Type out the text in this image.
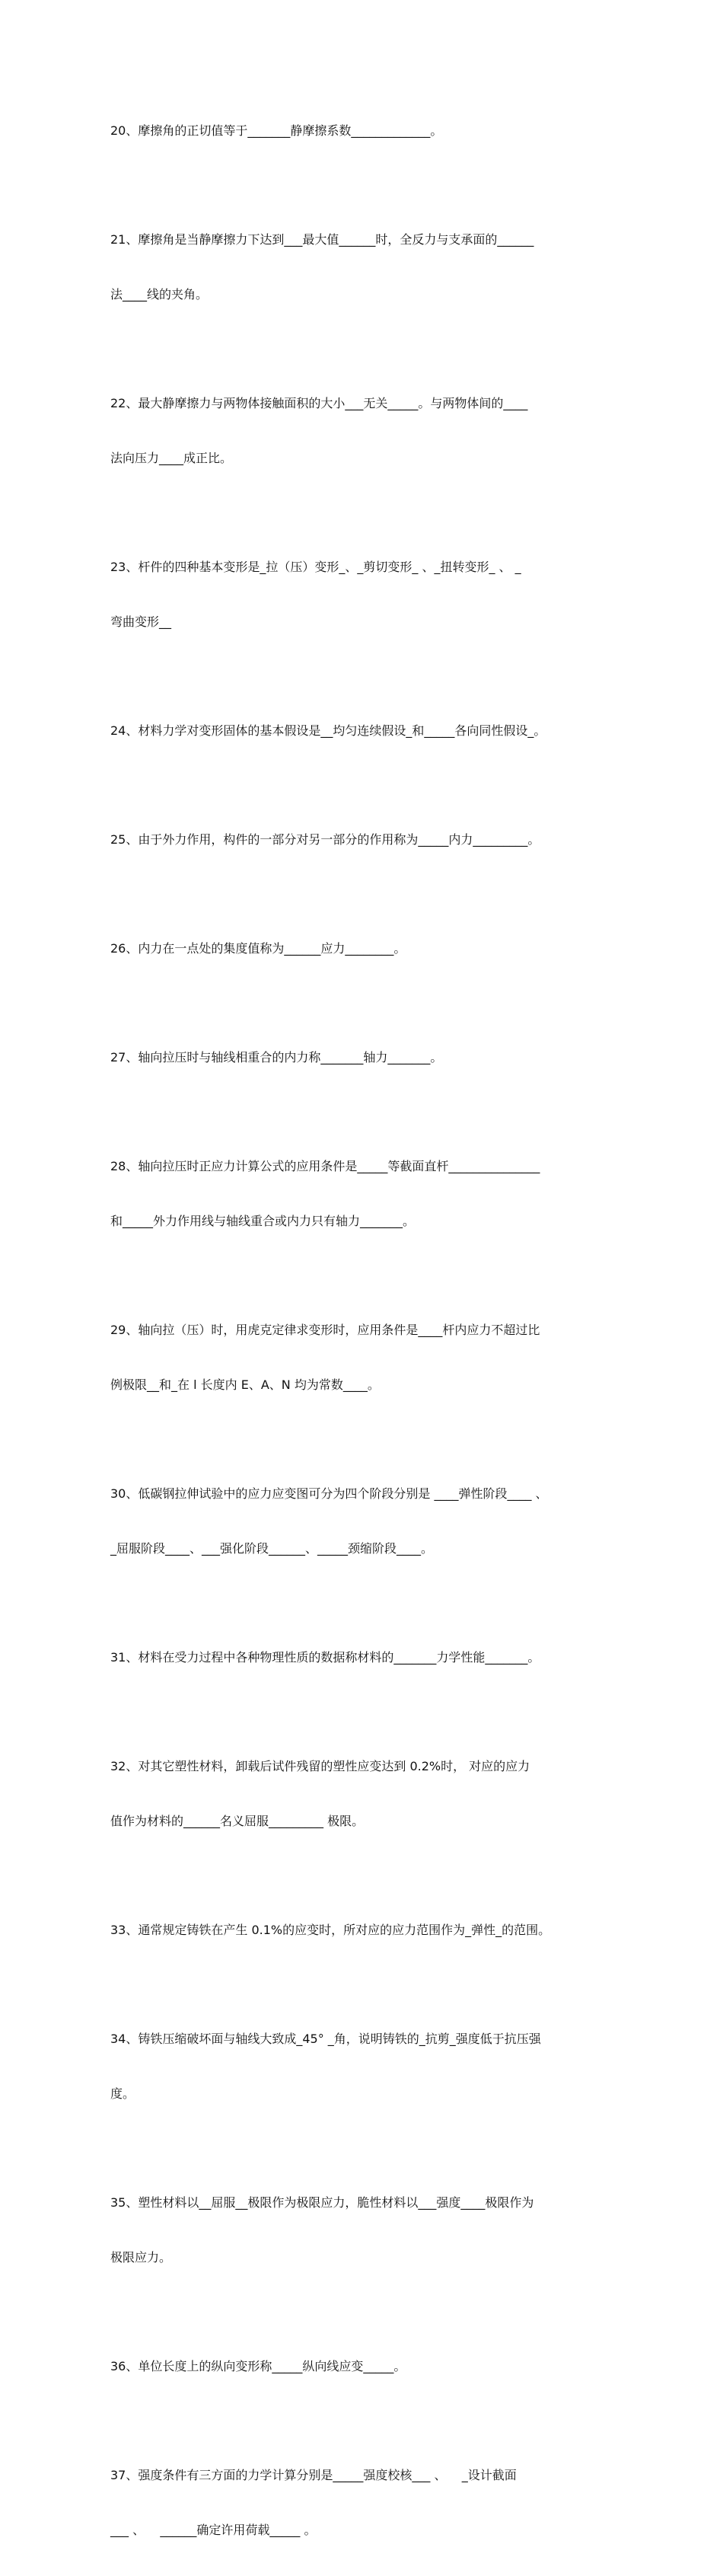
20、摩擦角的正切值等于_______静摩擦系数_____________。

21、摩擦角是当静摩擦力下达到___最大值______时，全反力与支承面的______

法____线的夹角。

22、最大静摩擦力与两物体接触面积的大小___无关_____。与两物体间的____

法向压力____成正比。

23、杆件的四种基本变形是_拉（压）变形_、_剪切变形_ 、_扭转变形_ 、 _

弯曲变形__

24、材料力学对变形固体的基本假设是__均匀连续假设_和_____各向同性假设_。

25、由于外力作用，构件的一部分对另一部分的作用称为_____内力_________。

26、内力在一点处的集度值称为______应力________。

27、轴向拉压时与轴线相重合的内力称_______轴力_______。

28、轴向拉压时正应力计算公式的应用条件是_____等截面直杆_______________

和_____外力作用线与轴线重合或内力只有轴力_______。

29、轴向拉（压）时，用虎克定律求变形时，应用条件是____杆内应力不超过比

例极限__和_在 l 长度内 E、A、N 均为常数____。

30、低碳钢拉伸试验中的应力应变图可分为四个阶段分别是 ____弹性阶段____ 、

_屈服阶段____、___强化阶段______、_____颈缩阶段____。

31、材料在受力过程中各种物理性质的数据称材料的_______力学性能_______。

32、对其它塑性材料，卸载后试件残留的塑性应变达到 0.2%时， 对应的应力

值作为材料的______名义屈服_________ 极限。

33、通常规定铸铁在产生 0.1%的应变时，所对应的应力范围作为_弹性_的范围。

34、铸铁压缩破坏面与轴线大致成_45° _角，说明铸铁的_抗剪_强度低于抗压强

度。

35、塑性材料以__屈服__极限作为极限应力，脆性材料以___强度____极限作为

极限应力。

36、单位长度上的纵向变形称_____纵向线应变_____。

37、强度条件有三方面的力学计算分别是_____强度校核___ 、    _设计截面

___ 、    ______确定许用荷载_____ 。
